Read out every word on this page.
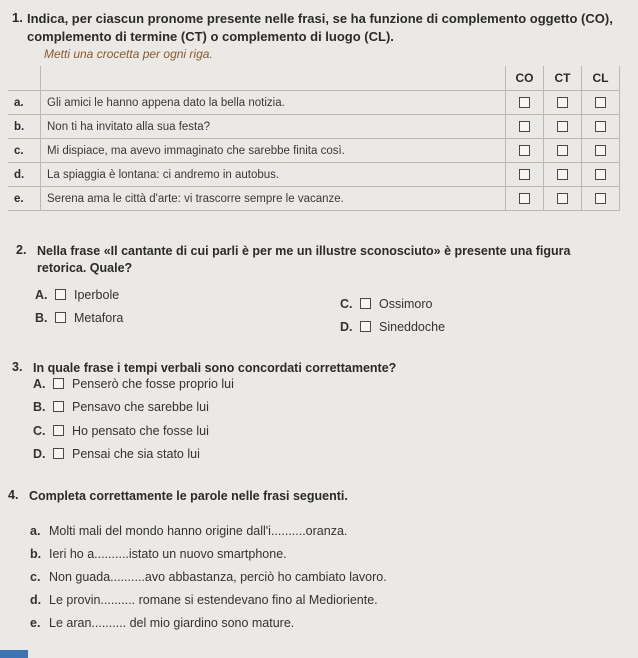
1. Indica, per ciascun pronome presente nelle frasi, se ha funzione di complemento oggetto (CO), complemento di termine (CT) o complemento di luogo (CL).
Metti una crocetta per ogni riga.
		CO	CT	CL
a.	Gli amici le hanno appena dato la bella notizia.			
b.	Non ti ha invitato alla sua festa?			
c.	Mi dispiace, ma avevo immaginato che sarebbe finita così.			
d.	La spiaggia è lontana: ci andremo in autobus.			
e.	Serena ama le città d'arte: vi trascorre sempre le vacanze.			
2. Nella frase «Il cantante di cui parli è per me un illustre sconosciuto» è presente una figura retorica. Quale?
A. Iperbole
B. Metafora
C. Ossimoro
D. Sineddoche
3. In quale frase i tempi verbali sono concordati correttamente?
A. Penserò che fosse proprio lui
B. Pensavo che sarebbe lui
C. Ho pensato che fosse lui
D. Pensai che sia stato lui
4. Completa correttamente le parole nelle frasi seguenti.
a. Molti mali del mondo hanno origine dall'i..........oranza.
b. Ieri ho a..........istato un nuovo smartphone.
c. Non guada..........avo abbastanza, perciò ho cambiato lavoro.
d. Le provin.......... romane si estendevano fino al Medioriente.
e. Le aran.......... del mio giardino sono mature.
